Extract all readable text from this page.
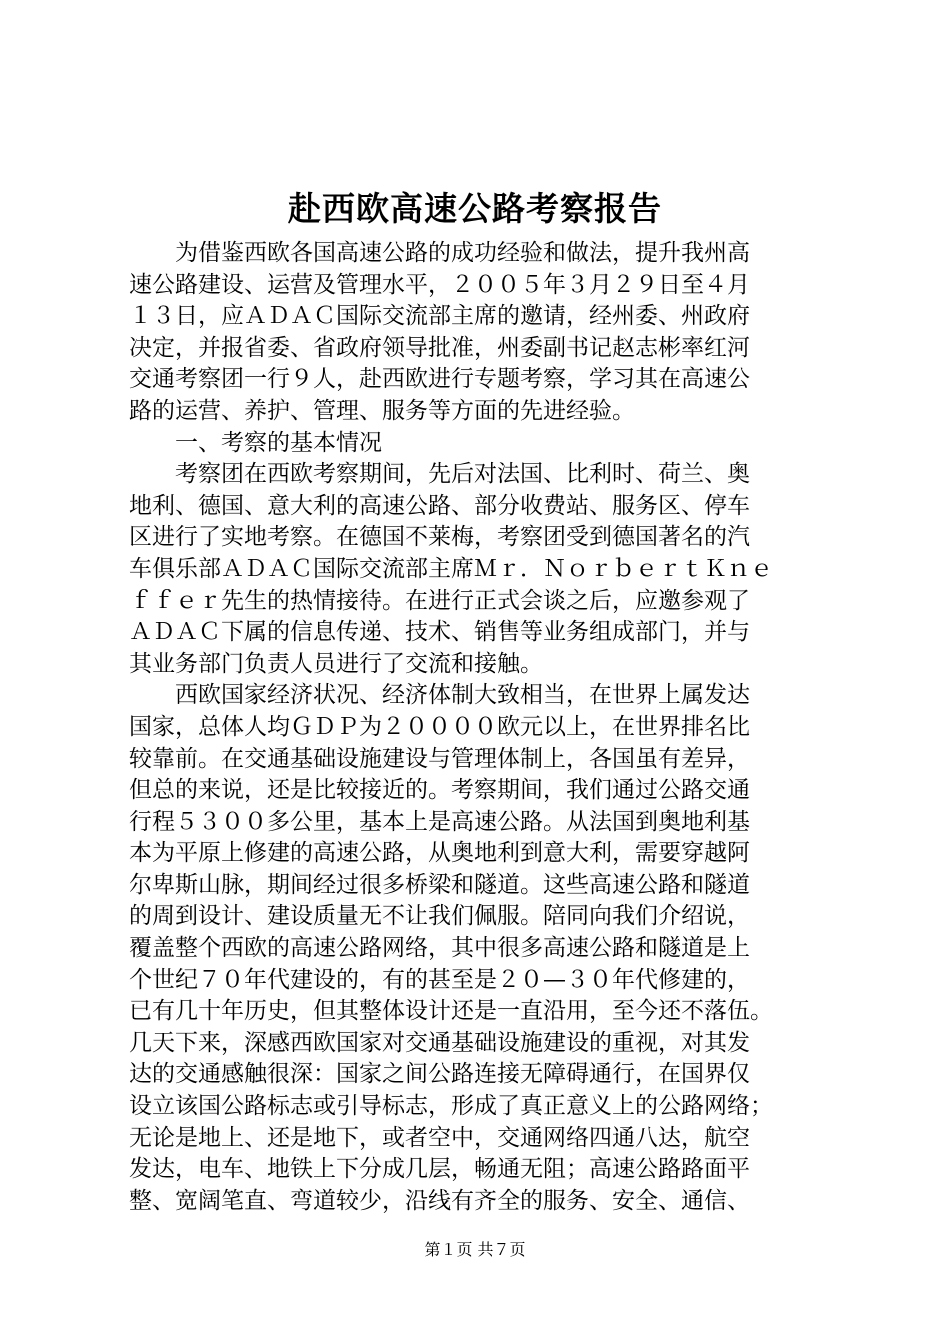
赴西欧高速公路考察报告
　　为借鉴西欧各国高速公路的成功经验和做法，提升我州高
速公路建设、运营及管理水平，２００５年３月２９日至４月
１３日，应ＡＤＡＣ国际交流部主席的邀请，经州委、州政府
决定，并报省委、省政府领导批准，州委副书记赵志彬率红河
交通考察团一行９人，赴西欧进行专题考察，学习其在高速公
路的运营、养护、管理、服务等方面的先进经验。
　　一、考察的基本情况
　　考察团在西欧考察期间，先后对法国、比利时、荷兰、奥
地利、德国、意大利的高速公路、部分收费站、服务区、停车
区进行了实地考察。在德国不莱梅，考察团受到德国著名的汽
车俱乐部ＡＤＡＣ国际交流部主席Ｍｒ．ＮｏｒｂｅｒｔＫｎｅ
ｆｆｅｒ先生的热情接待。在进行正式会谈之后，应邀参观了
ＡＤＡＣ下属的信息传递、技术、销售等业务组成部门，并与
其业务部门负责人员进行了交流和接触。
　　西欧国家经济状况、经济体制大致相当，在世界上属发达
国家，总体人均ＧＤＰ为２００００欧元以上，在世界排名比
较靠前。在交通基础设施建设与管理体制上，各国虽有差异，
但总的来说，还是比较接近的。考察期间，我们通过公路交通
行程５３００多公里，基本上是高速公路。从法国到奥地利基
本为平原上修建的高速公路，从奥地利到意大利，需要穿越阿
尔卑斯山脉，期间经过很多桥梁和隧道。这些高速公路和隧道
的周到设计、建设质量无不让我们佩服。陪同向我们介绍说，
覆盖整个西欧的高速公路网络，其中很多高速公路和隧道是上
个世纪７０年代建设的，有的甚至是２０—３０年代修建的，
已有几十年历史，但其整体设计还是一直沿用，至今还不落伍。
几天下来，深感西欧国家对交通基础设施建设的重视，对其发
达的交通感触很深：国家之间公路连接无障碍通行，在国界仅
设立该国公路标志或引导标志，形成了真正意义上的公路网络；
无论是地上、还是地下，或者空中，交通网络四通八达，航空
发达，电车、地铁上下分成几层，畅通无阻；高速公路路面平
整、宽阔笔直、弯道较少，沿线有齐全的服务、安全、通信、
第１页 共７页
